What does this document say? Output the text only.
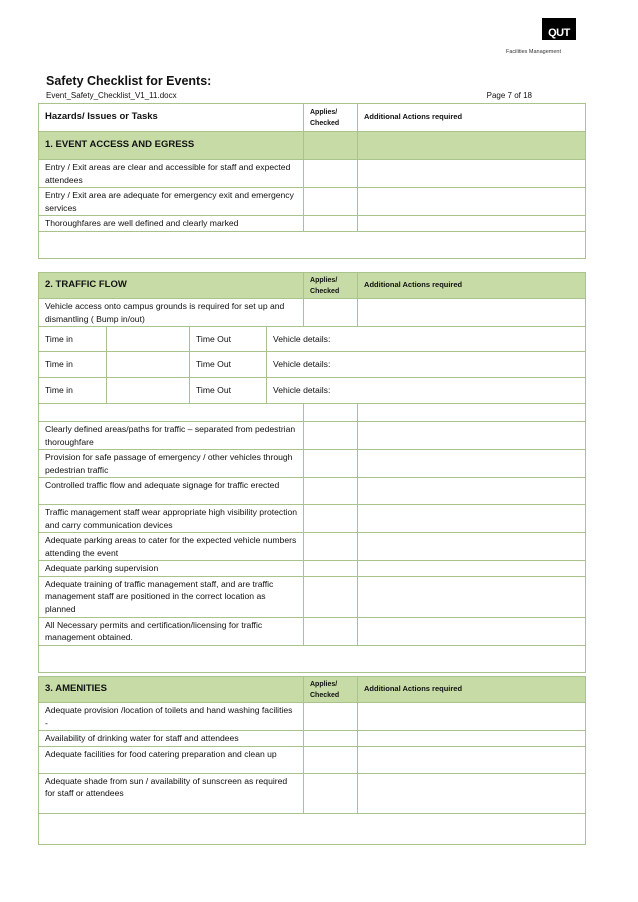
QUT
Facilities Management
Safety Checklist for Events:
Event_Safety_Checklist_V1_11.docx	Page 7 of 18
Hazards/ Issues or Tasks	Applies/ Checked	Additional Actions required
1. EVENT ACCESS AND EGRESS		
Entry / Exit areas are clear and accessible for staff and expected attendees		
Entry / Exit area are adequate for emergency exit and emergency services		
Thoroughfares are well defined and clearly marked		

2. TRAFFIC FLOW				Applies/ Checked	Additional Actions required
Vehicle access onto campus grounds is required for set up and dismantling ( Bump in/out)					
Time in		Time Out	Vehicle details:		
Time in		Time Out	Vehicle details:		
Time in		Time Out	Vehicle details:		

Clearly defined areas/paths for traffic – separated from pedestrian thoroughfare					
Provision for safe passage of emergency / other vehicles through pedestrian traffic					
Controlled traffic flow and adequate signage for traffic erected					
Traffic management staff wear appropriate high visibility protection and carry communication devices					
Adequate parking areas to cater for the expected vehicle numbers attending the event					
Adequate parking supervision					
Adequate training of traffic management staff, and are traffic management staff are positioned in the correct location as planned					
All Necessary permits and certification/licensing for traffic management obtained.					

3. AMENITIES	Applies/ Checked	Additional Actions required
Adequate provision /location of toilets and hand washing facilities -		
Availability of drinking water for staff and attendees		
Adequate facilities for food catering preparation and clean up		
Adequate shade from sun / availability of sunscreen as required for staff or attendees		
